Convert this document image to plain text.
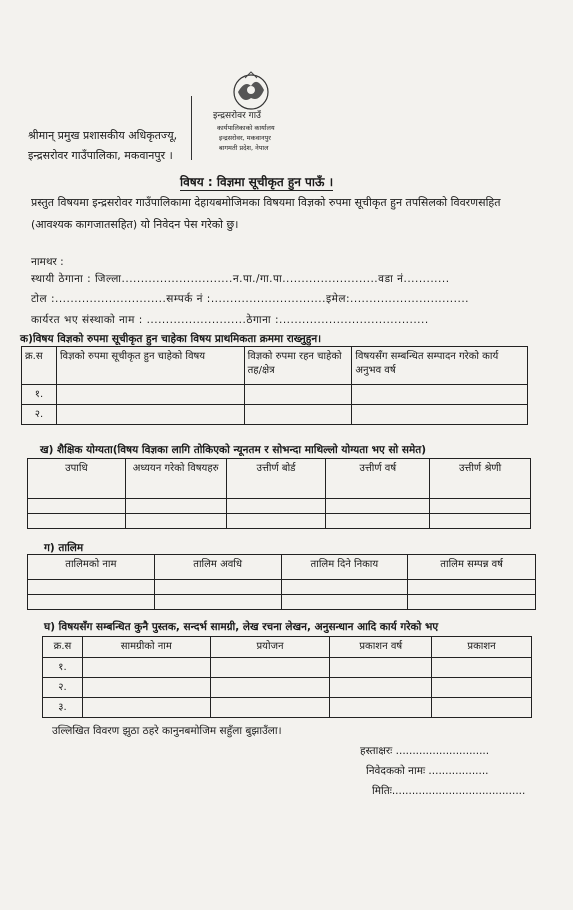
श्रीमान् प्रमुख प्रशासकीय अधिकृतज्यू,
इन्द्रसरोवर गाउँपालिका, मकवानपुर ।
इन्द्रसरोवर गाउँ
कार्यपालिकाको कार्यालय
इन्द्रसरोवर, मकवानपुर
बागमती प्रदेश, नेपाल
विषय : विज्ञमा सूचीकृत हुन पाऊँ ।
प्रस्तुत विषयमा इन्द्रसरोवर गाउँपालिकामा देहायबमोजिमका विषयमा विज्ञको रुपमा सूचीकृत हुन तपसिलको विवरणसहित (आवश्यक कागजातसहित) यो निवेदन पेस गरेको छु।
नामथर :
स्थायी ठेगाना : जिल्ला.............................न.पा./गा.पा.........................वडा नं............
टोल :.............................सम्पर्क नं :..............................इमेल:...............................
कार्यरत भए संस्थाको नाम : ..........................ठेगाना :.......................................
क)विषय विज्ञको रुपमा सूचीकृत हुन चाहेका विषय प्राथमिकता क्रममा राख्नुहुन।
क्र.स	विज्ञको रुपमा सूचीकृत हुन चाहेको विषय	विज्ञको रुपमा रहन चाहेको तह/क्षेत्र	विषयसँग सम्बन्धित सम्पादन गरेको कार्य अनुभव वर्ष
१.			
२.			
ख) शैक्षिक योग्यता(विषय विज्ञका लागि तोकिएको न्यूनतम र सोभन्दा माथिल्लो योग्यता भए सो समेत)
उपाधि	अध्ययन गरेको विषयहरु	उत्तीर्ण बोर्ड	उत्तीर्ण वर्ष	उत्तीर्ण श्रेणी

ग) तालिम
तालिमको नाम	तालिम अवधि	तालिम दिने निकाय	तालिम सम्पन्न वर्ष

घ) विषयसँग सम्बन्धित कुनै पुस्तक, सन्दर्भ सामग्री, लेख रचना लेखन, अनुसन्धान आदि कार्य गरेको भए
क्र.स	सामग्रीको नाम	प्रयोजन	प्रकाशन वर्ष	प्रकाशन
१.				
२.				
३.				
उल्लिखित विवरण झुठा ठहरे कानुनबमोजिम सहुँला बुझाउँला।
हस्ताक्षरः ............................
निवेदकको नामः ..................
मितिः........................................
